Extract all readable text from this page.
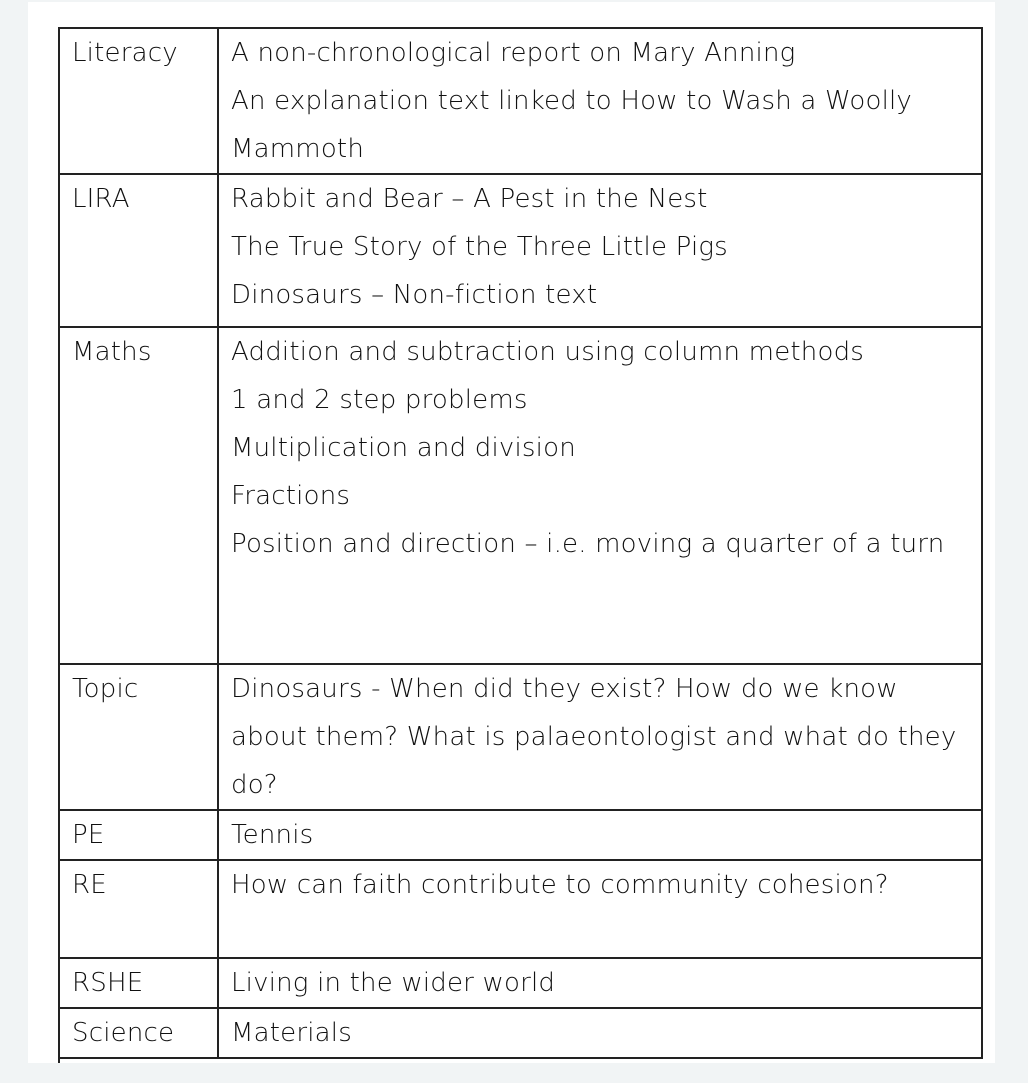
Literacy	A non-chronological report on Mary Anning
An explanation text linked to How to Wash a Woolly Mammoth

LIRA	Rabbit and Bear – A Pest in the Nest
The True Story of the Three Little Pigs
Dinosaurs – Non-fiction text

Maths	Addition and subtraction using column methods
1 and 2 step problems
Multiplication and division
Fractions
Position and direction – i.e. moving a quarter of a turn

Topic	Dinosaurs - When did they exist? How do we know about them? What is palaeontologist and what do they do?

PE	Tennis

RE	How can faith contribute to community cohesion?

RSHE	Living in the wider world

Science	Materials
